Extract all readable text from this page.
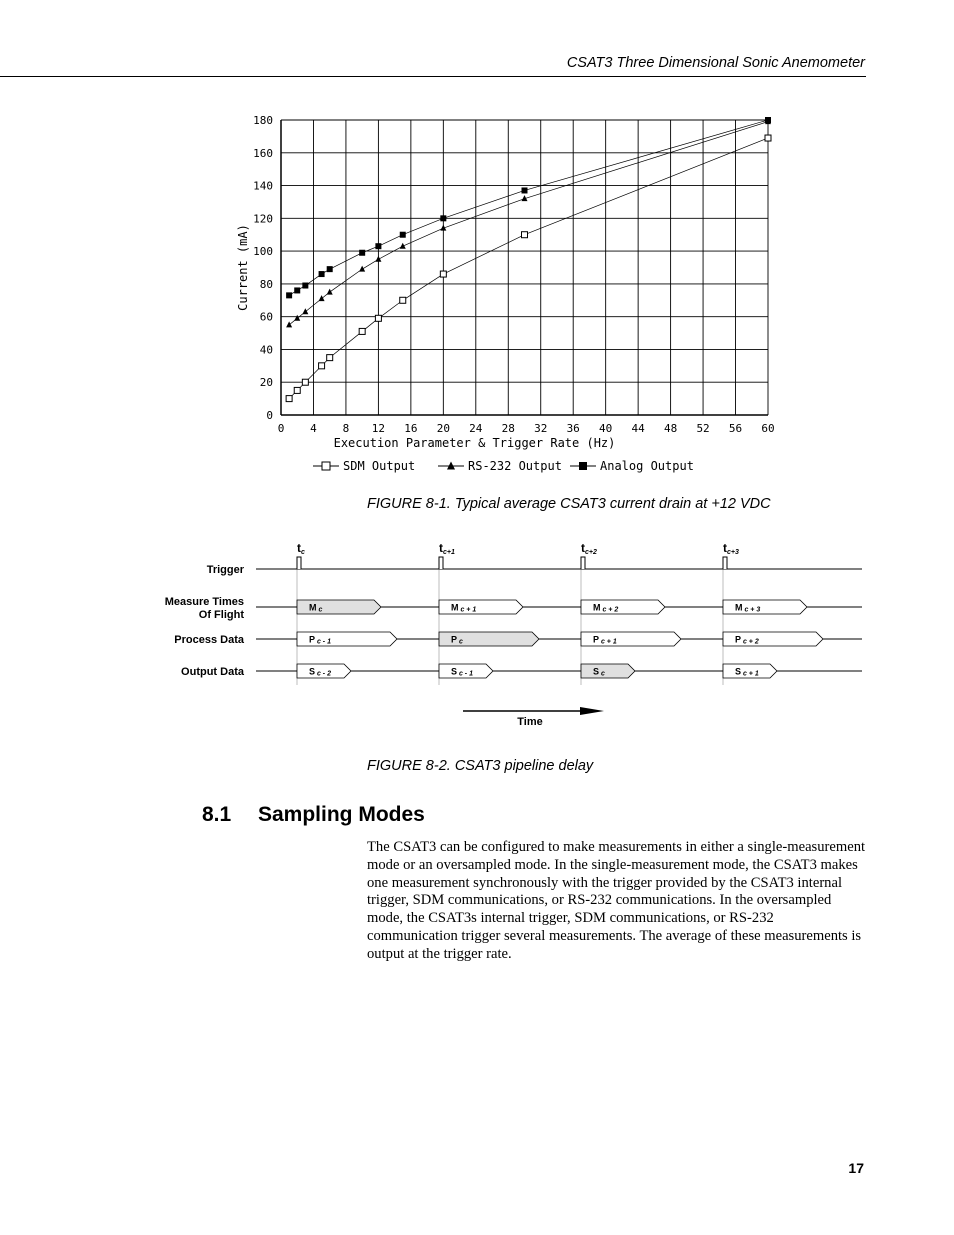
CSAT3 Three Dimensional Sonic Anemometer
0 4 8 12 16 20 24 28 32 36 40 44 48 52 56 60
0
20
40
60
80
100
120
140
160
180
Execution Parameter & Trigger Rate (Hz)
Current (mA)
SDM Output	RS-232 Output	Analog Output
FIGURE 8-1. Typical average CSAT3 current drain at +12 VDC
Trigger
Measure Times
Of Flight
Process Data
Output Data
tc	tc+1	tc+2	tc+3
M c
P c - 1
S c - 2
M c + 1
P c
S c - 1
M c + 2
P c + 1
S c
M c + 3
P c + 2
S c + 1
Time
FIGURE 8-2. CSAT3 pipeline delay
8.1 Sampling Modes
The CSAT3 can be configured to make measurements in either a single-measurement mode or an oversampled mode. In the single-measurement mode, the CSAT3 makes one measurement synchronously with the trigger provided by the CSAT3 internal trigger, SDM communications, or RS-232 communications. In the oversampled mode, the CSAT3s internal trigger, SDM communications, or RS-232 communication trigger several measurements. The average of these measurements is output at the trigger rate.
17
